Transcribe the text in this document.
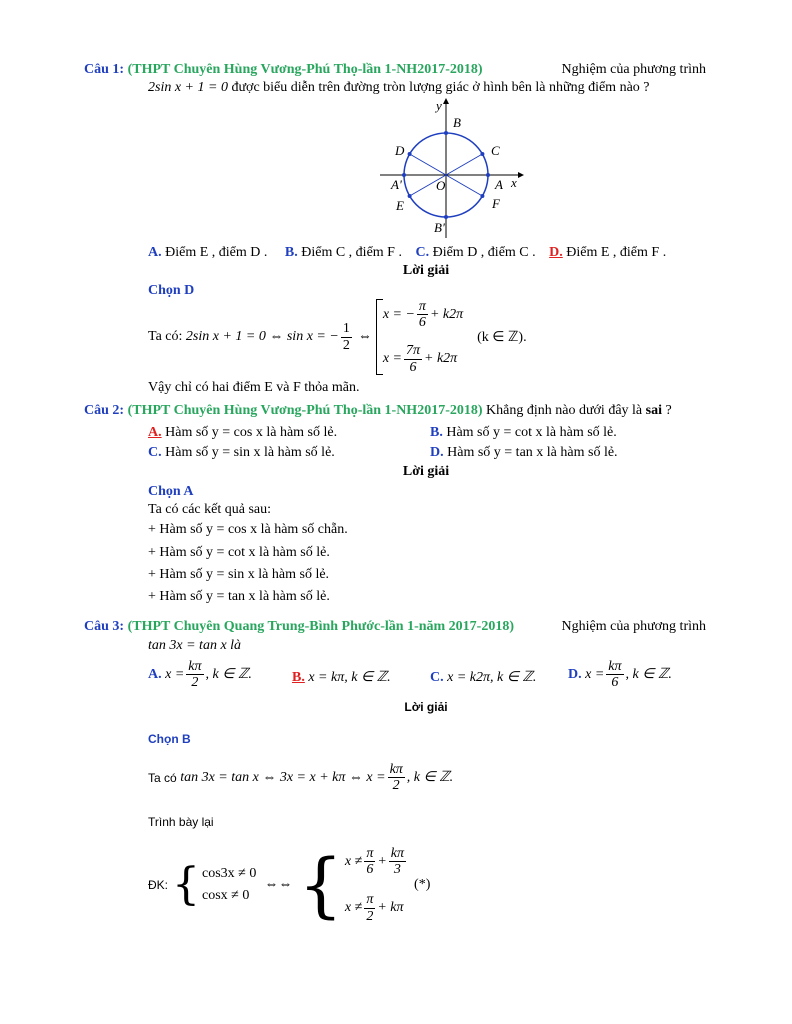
Câu 1: (THPT Chuyên Hùng Vương-Phú Thọ-lần 1-NH2017-2018)	Nghiệm của phương trình
2sin x + 1 = 0 được biểu diễn trên đường tròn lượng giác ở hình bên là những điểm nào ?
y
x
B
C
D
A'	O	A
E	F
B'
A. Điểm E , điểm D . B. Điểm C , điểm F . C. Điểm D , điểm C . D. Điểm E , điểm F .
Lời giải
Chọn D
Ta có:
2sin x + 1 = 0 ⇔ sin x = − $\frac{1}{2}$ ⇔
x = − $\frac{\pi}{6} + k2\pi$
$x = \frac{7\pi}{6} + k2\pi$
(k ∈ ℤ).
Vậy chỉ có hai điểm E và F thỏa mãn.
Câu 2: (THPT Chuyên Hùng Vương-Phú Thọ-lần 1-NH2017-2018) Khẳng định nào dưới đây là sai ?
A. Hàm số y = cos x là hàm số lẻ.	B. Hàm số y = cot x là hàm số lẻ.
C. Hàm số y = sin x là hàm số lẻ.	D. Hàm số y = tan x là hàm số lẻ.
Lời giải
Chọn A
Ta có các kết quả sau:
+ Hàm số y = cos x là hàm số chẵn.
+ Hàm số y = cot x là hàm số lẻ.
+ Hàm số y = sin x là hàm số lẻ.
+ Hàm số y = tan x là hàm số lẻ.
Câu 3: (THPT Chuyên Quang Trung-Bình Phước-lần 1-năm 2017-2018)	Nghiệm của phương trình
tan 3x = tan x là
A.
$x = \frac{k\pi}{2}$ , k ∈ ℤ.	B. x = kπ, k ∈ ℤ.	C. x = k2π, k ∈ ℤ. D.
$x = \frac{k\pi}{6}$ , k ∈ ℤ.
Lời giải
Chọn B
Ta có
tan 3x = tan x ⇔ 3x = x + kπ ⇔ $x = \frac{k\pi}{2}$ , k ∈ ℤ.
Trình bày lại
ĐK: { cos3x ≠ 0
cosx ≠ 0
⇔⇔ { $x \ne \frac{\pi}{6} + \frac{k\pi}{3}$
$x \ne \frac{\pi}{2} + k\pi$
(*)
